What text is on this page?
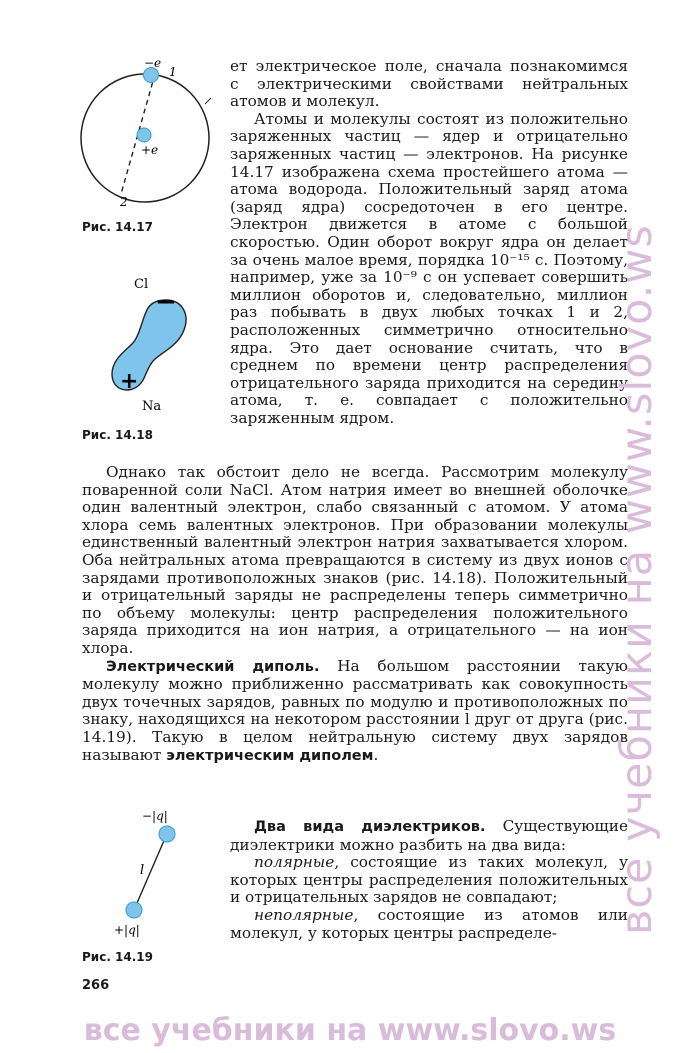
−e
+e
1
2
Рис. 14.17
Cl
−
+
Na
Рис. 14.18
−|q|
l
+|q|
Рис. 14.19

ет электрическое поле, сначала познакомимся с электрическими свойствами нейтральных атомов и молекул.

Атомы и молекулы состоят из положительно заряженных частиц — ядер и отрицательно заряженных частиц — электронов. На рисунке 14.17 изображена схема простейшего атома — атома водорода. Положительный заряд атома (заряд ядра) сосредоточен в его центре. Электрон движется в атоме с большой скоростью. Один оборот вокруг ядра он делает за очень малое время, порядка 10⁻¹⁵ с. Поэтому, например, уже за 10⁻⁹ с он успевает совершить миллион оборотов и, следовательно, миллион раз побывать в двух любых точках 1 и 2, расположенных симметрично относительно ядра. Это дает основание считать, что в среднем по времени центр распределения отрицательного заряда приходится на середину атома, т. е. совпадает с положительно заряженным ядром.

Однако так обстоит дело не всегда. Рассмотрим молекулу поваренной соли NaCl. Атом натрия имеет во внешней оболочке один валентный электрон, слабо связанный с атомом. У атома хлора семь валентных электронов. При образовании молекулы единственный валентный электрон натрия захватывается хлором. Оба нейтральных атома превращаются в систему из двух ионов с зарядами противоположных знаков (рис. 14.18). Положительный и отрицательный заряды не распределены теперь симметрично по объему молекулы: центр распределения положительного заряда приходится на ион натрия, а отрицательного — на ион хлора.

Электрический диполь. На большом расстоянии такую молекулу можно приближенно рассматривать как совокупность двух точечных зарядов, равных по модулю и противоположных по знаку, находящихся на некотором расстоянии l друг от друга (рис. 14.19). Такую в целом нейтральную систему двух зарядов называют электрическим диполем.

Два вида диэлектриков. Существующие диэлектрики можно разбить на два вида:

полярные, состоящие из таких молекул, у которых центры распределения положительных и отрицательных зарядов не совпадают;

неполярные, состоящие из атомов или молекул, у которых центры распределе-

266
все учебники на www.slovo.ws
все учебники на www.slovo.ws
